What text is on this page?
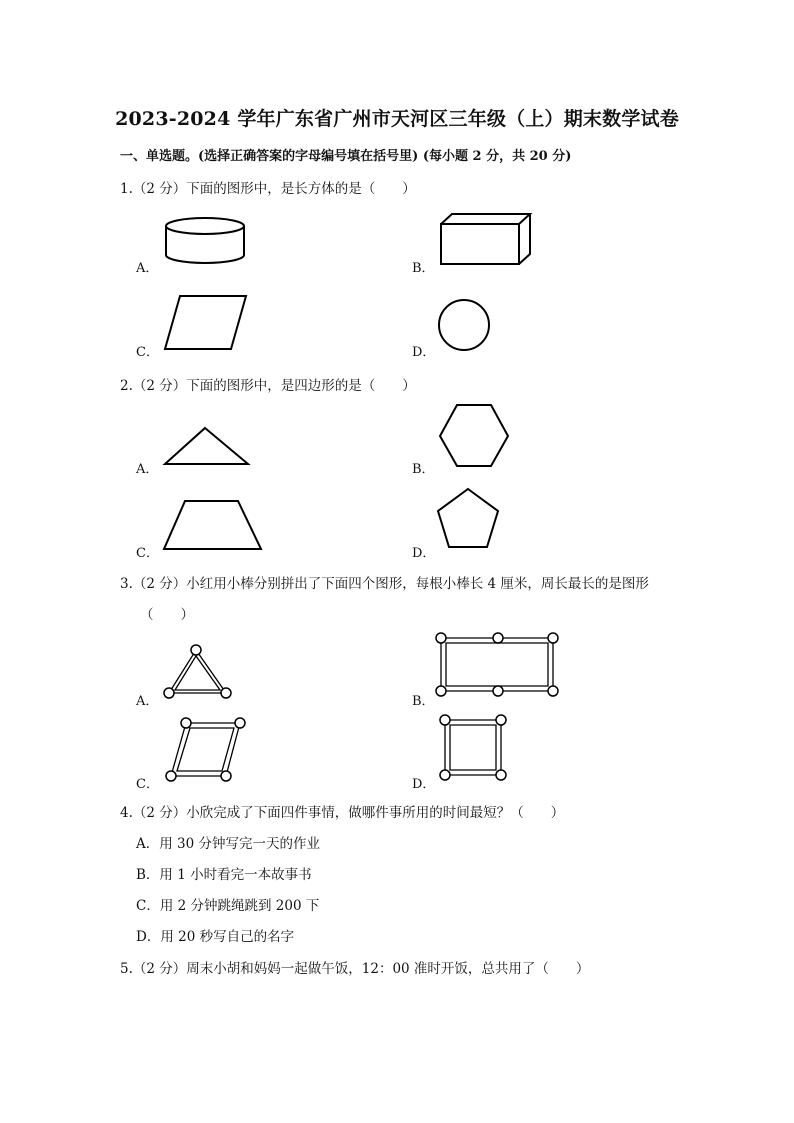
2023-2024 学年广东省广州市天河区三年级（上）期末数学试卷
一、单选题。(选择正确答案的字母编号填在括号里) (每小题 2 分，共 20 分)
1.（2 分）下面的图形中，是长方体的是（　　）
A．	B．
C．	D．
2.（2 分）下面的图形中，是四边形的是（　　）
A．	B．
C．	D．
3.（2 分）小红用小棒分别拼出了下面四个图形，每根小棒长 4 厘米，周长最长的是图形
（　　）
A．	B．
C．	D．
4.（2 分）小欣完成了下面四件事情，做哪件事所用的时间最短？（　　）
A．用 30 分钟写完一天的作业
B．用 1 小时看完一本故事书
C．用 2 分钟跳绳跳到 200 下
D．用 20 秒写自己的名字
5.（2 分）周末小胡和妈妈一起做午饭，12：00 准时开饭，总共用了（　　）
